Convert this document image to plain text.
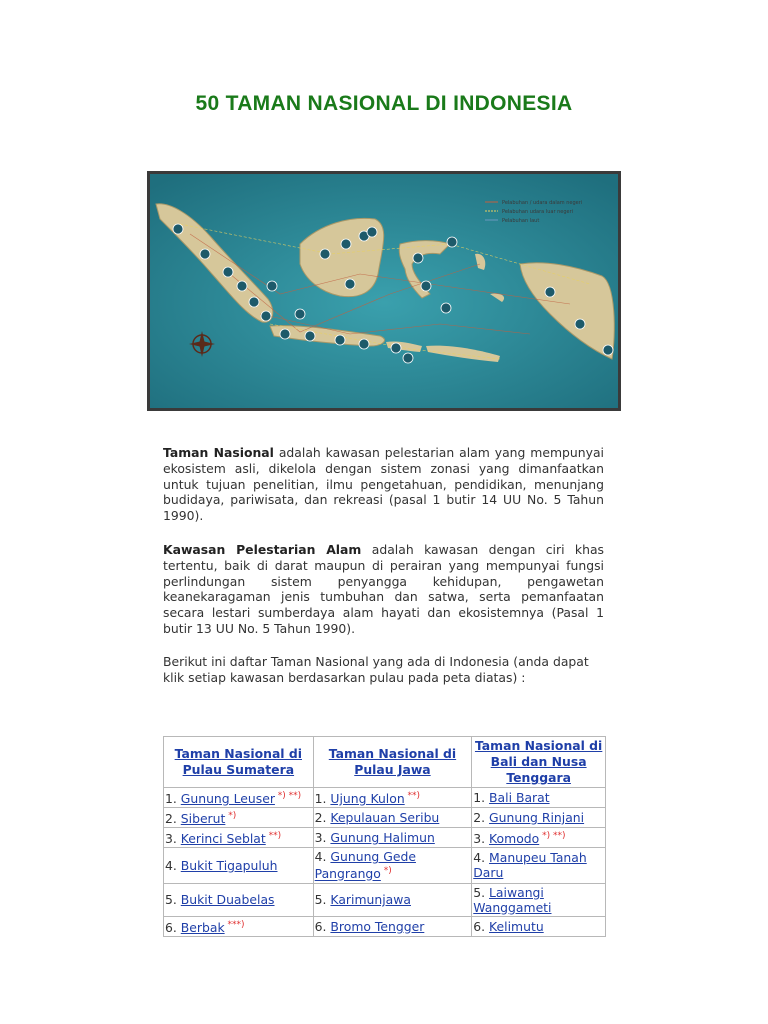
50 TAMAN NASIONAL DI INDONESIA
Pelabuhan / udara dalam negeri
Pelabuhan udara luar negeri
Pelabuhan laut
Taman Nasional adalah kawasan pelestarian alam yang mempunyai ekosistem asli, dikelola dengan sistem zonasi yang dimanfaatkan untuk tujuan penelitian, ilmu pengetahuan, pendidikan, menunjang budidaya, pariwisata, dan rekreasi (pasal 1 butir 14 UU No. 5 Tahun 1990).
Kawasan Pelestarian Alam adalah kawasan dengan ciri khas tertentu, baik di darat maupun di perairan yang mempunyai fungsi perlindungan sistem penyangga kehidupan, pengawetan keanekaragaman jenis tumbuhan dan satwa, serta pemanfaatan secara lestari sumberdaya alam hayati dan ekosistemnya (Pasal 1 butir 13 UU No. 5 Tahun 1990).
Berikut ini daftar Taman Nasional yang ada di Indonesia (anda dapat klik setiap kawasan berdasarkan pulau pada peta diatas) :
Taman Nasional di Pulau Sumatera	Taman Nasional di Pulau Jawa	Taman Nasional di Bali dan Nusa Tenggara
1. Gunung Leuser *) **)	1. Ujung Kulon **)	1. Bali Barat
2. Siberut *)	2. Kepulauan Seribu	2. Gunung Rinjani
3. Kerinci Seblat **)	3. Gunung Halimun	3. Komodo *) **)
4. Bukit Tigapuluh	4. Gunung Gede Pangrango *)	4. Manupeu Tanah Daru
5. Bukit Duabelas	5. Karimunjawa	5. Laiwangi Wanggameti
6. Berbak ***)	6. Bromo Tengger	6. Kelimutu
